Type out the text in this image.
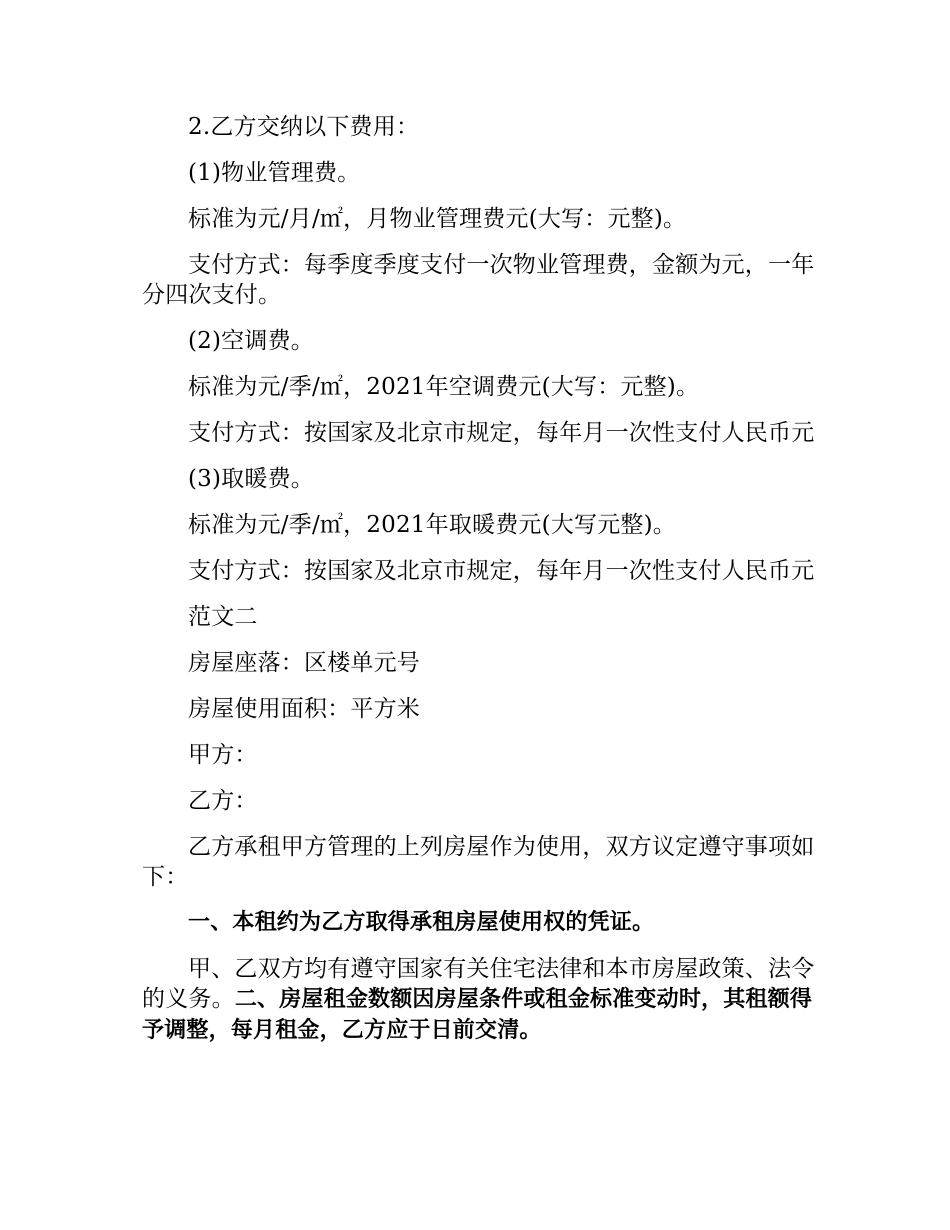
2.乙方交纳以下费用：

(1)物业管理费。

标准为元/月/㎡，月物业管理费元(大写：元整)。

支付方式：每季度季度支付一次物业管理费，金额为元，一年分四次支付。

(2)空调费。

标准为元/季/㎡，2021年空调费元(大写：元整)。

支付方式：按国家及北京市规定，每年月一次性支付人民币元

(3)取暖费。

标准为元/季/㎡，2021年取暖费元(大写元整)。

支付方式：按国家及北京市规定，每年月一次性支付人民币元

范文二

房屋座落：区楼单元号

房屋使用面积：平方米

甲方：

乙方：

乙方承租甲方管理的上列房屋作为使用，双方议定遵守事项如下：

一、本租约为乙方取得承租房屋使用权的凭证。

甲、乙双方均有遵守国家有关住宅法律和本市房屋政策、法令的义务。二、房屋租金数额因房屋条件或租金标准变动时，其租额得予调整，每月租金，乙方应于日前交清。
